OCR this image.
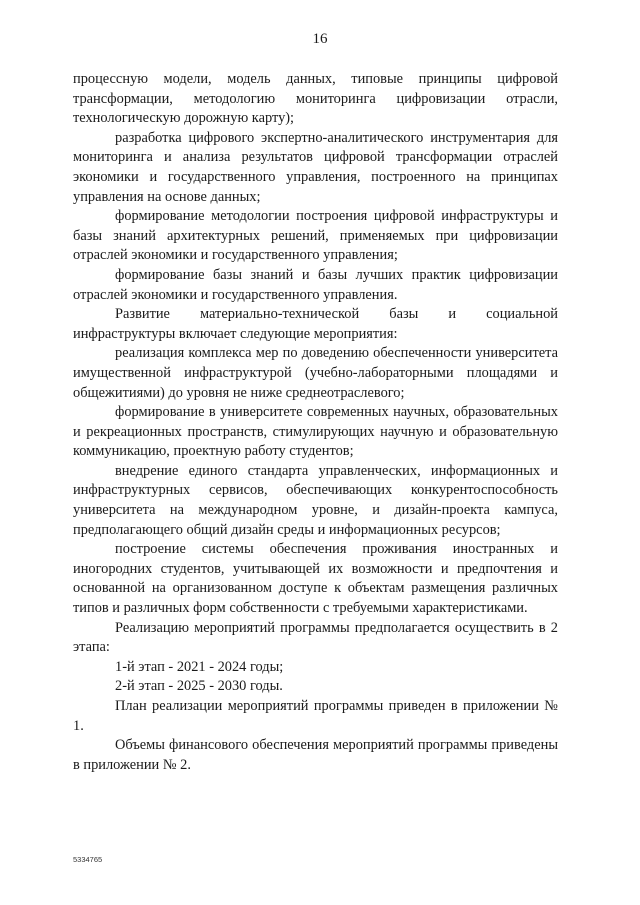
16

процессную модели, модель данных, типовые принципы цифровой трансформации, методологию мониторинга цифровизации отрасли, технологическую дорожную карту);

разработка цифрового экспертно-аналитического инструментария для мониторинга и анализа результатов цифровой трансформации отраслей экономики и государственного управления, построенного на принципах управления на основе данных;

формирование методологии построения цифровой инфраструктуры и базы знаний архитектурных решений, применяемых при цифровизации отраслей экономики и государственного управления;

формирование базы знаний и базы лучших практик цифровизации отраслей экономики и государственного управления.

Развитие материально-технической базы и социальной инфраструктуры включает следующие мероприятия:

реализация комплекса мер по доведению обеспеченности университета имущественной инфраструктурой (учебно-лабораторными площадями и общежитиями) до уровня не ниже среднеотраслевого;

формирование в университете современных научных, образовательных и рекреационных пространств, стимулирующих научную и образовательную коммуникацию, проектную работу студентов;

внедрение единого стандарта управленческих, информационных и инфраструктурных сервисов, обеспечивающих конкурентоспособность университета на международном уровне, и дизайн-проекта кампуса, предполагающего общий дизайн среды и информационных ресурсов;

построение системы обеспечения проживания иностранных и иногородних студентов, учитывающей их возможности и предпочтения и основанной на организованном доступе к объектам размещения различных типов и различных форм собственности с требуемыми характеристиками.

Реализацию мероприятий программы предполагается осуществить в 2 этапа:

1-й этап - 2021 - 2024 годы;

2-й этап - 2025 - 2030 годы.

План реализации мероприятий программы приведен в приложении № 1.

Объемы финансового обеспечения мероприятий программы приведены в приложении № 2.

5334765
